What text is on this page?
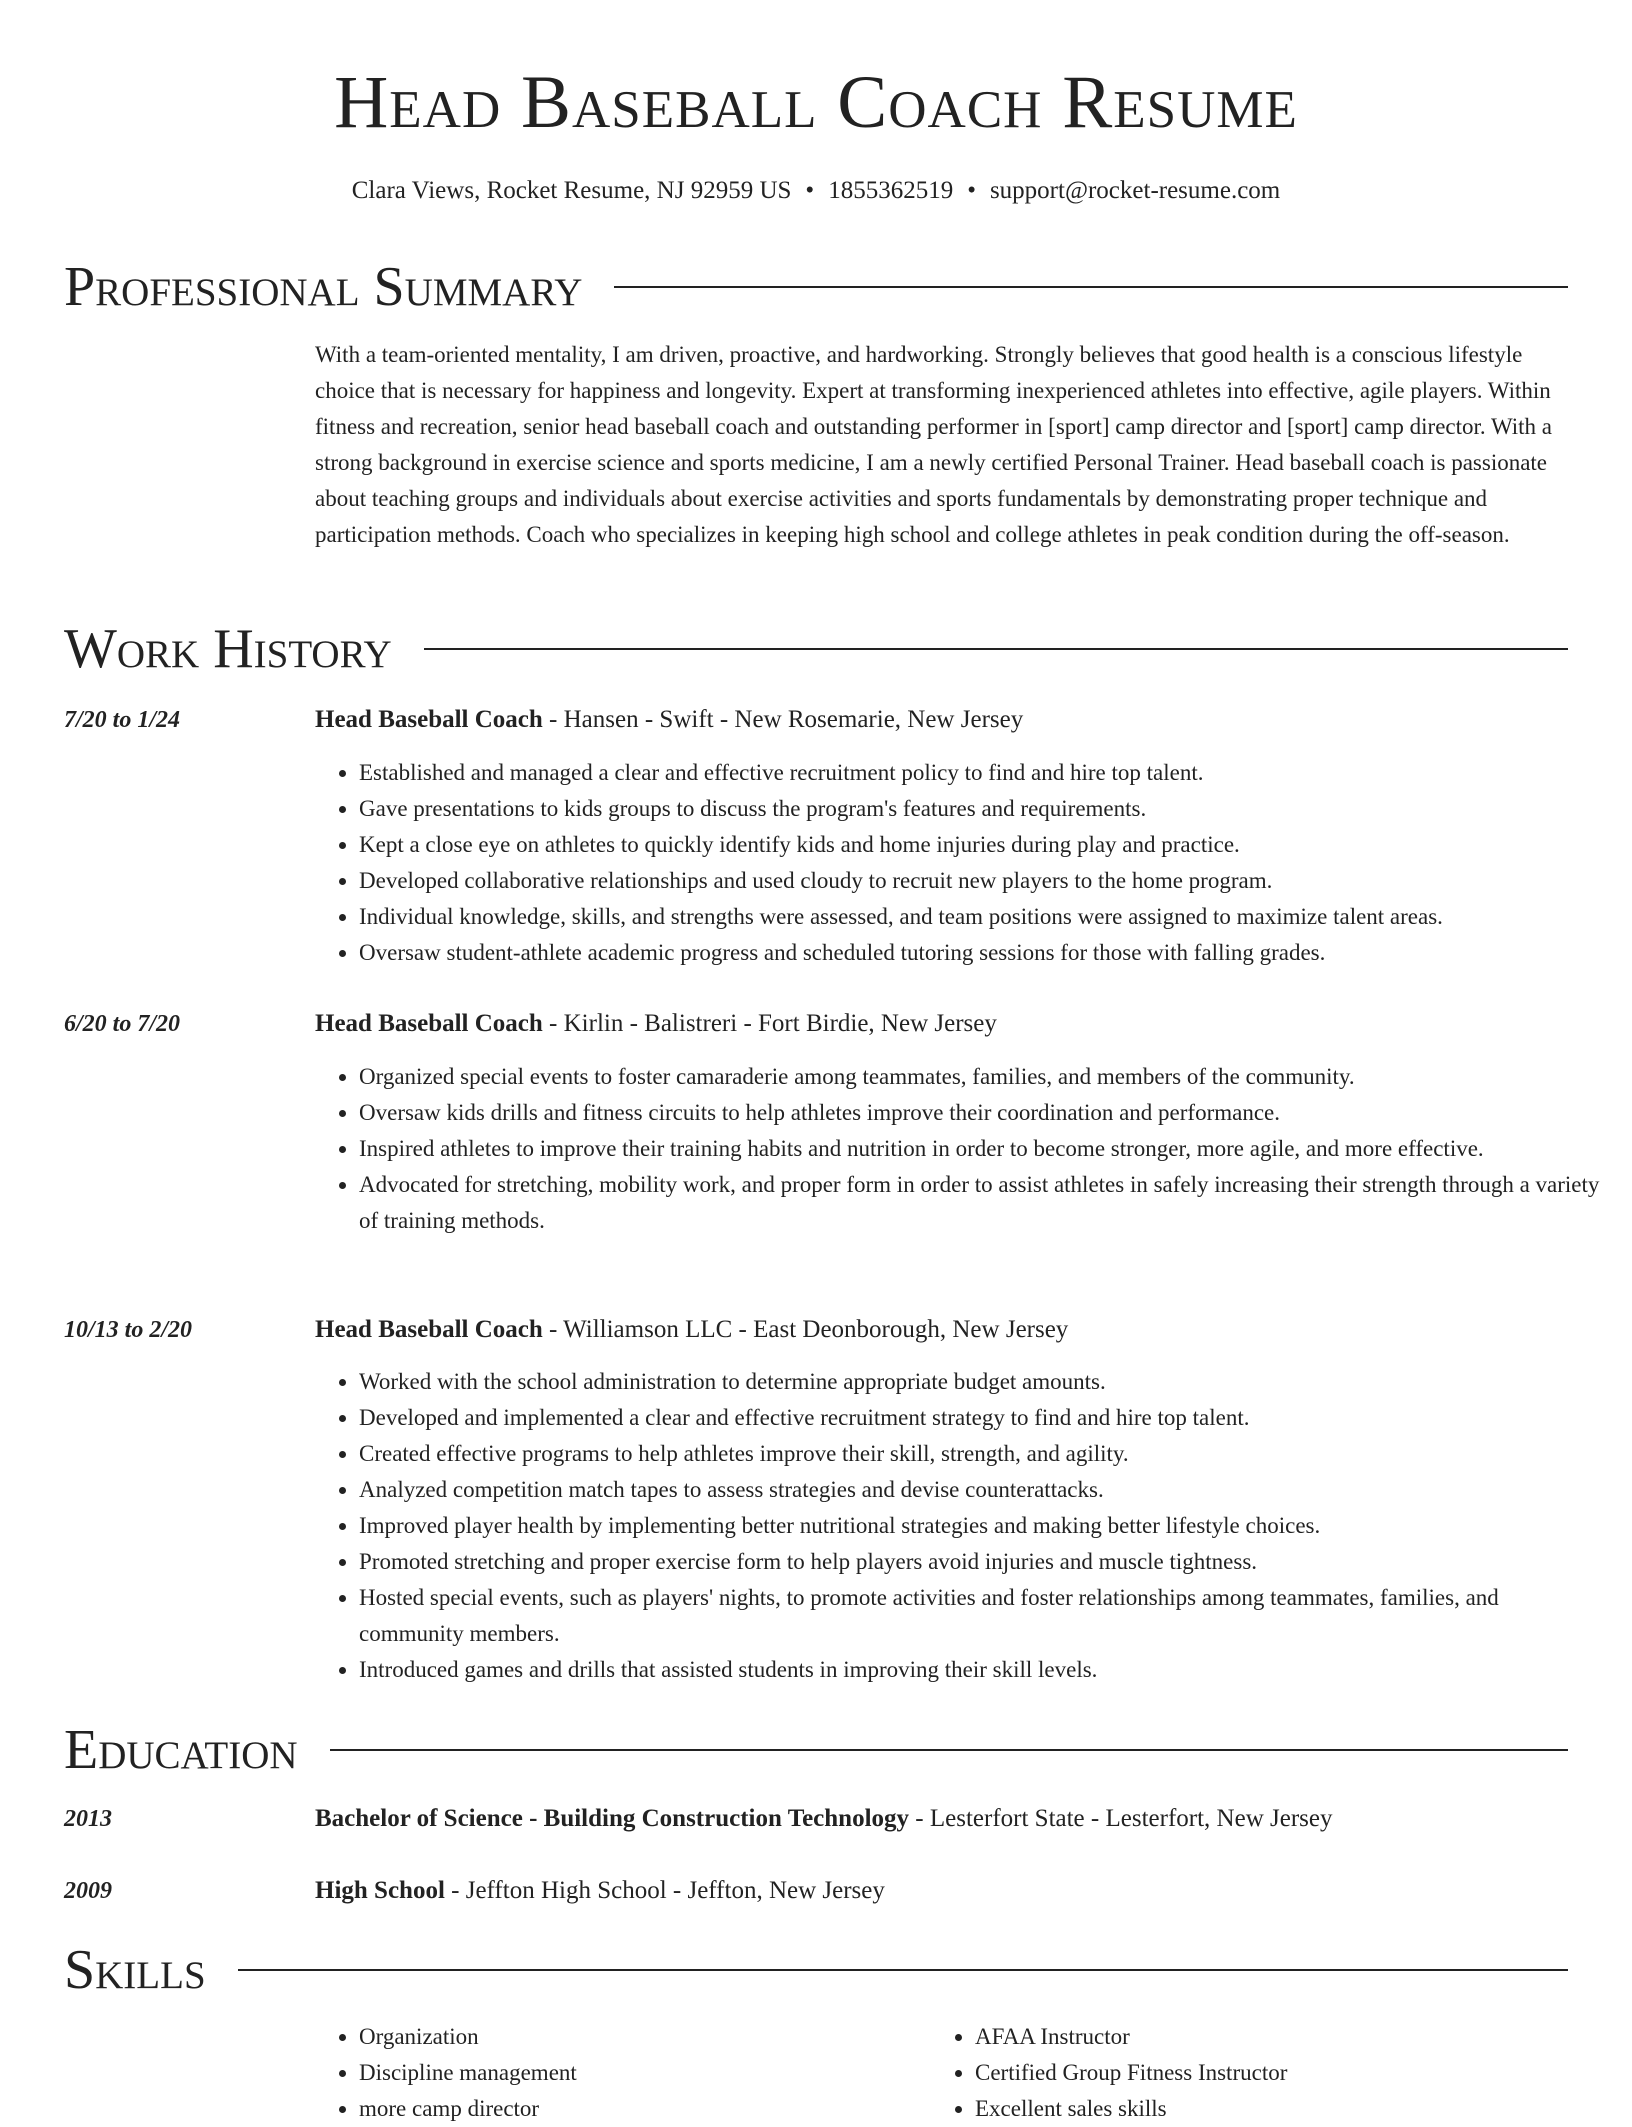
Head Baseball Coach Resume
Clara Views, Rocket Resume, NJ 92959 US • 1855362519 • support@rocket-resume.com
Professional Summary

With a team-oriented mentality, I am driven, proactive, and hardworking. Strongly believes that good health is a conscious lifestyle choice that is necessary for happiness and longevity. Expert at transforming inexperienced athletes into effective, agile players. Within fitness and recreation, senior head baseball coach and outstanding performer in [sport] camp director and [sport] camp director. With a strong background in exercise science and sports medicine, I am a newly certified Personal Trainer. Head baseball coach is passionate about teaching groups and individuals about exercise activities and sports fundamentals by demonstrating proper technique and participation methods. Coach who specializes in keeping high school and college athletes in peak condition during the off-season.

Work History
7/20 to 1/24	Head Baseball Coach - Hansen - Swift - New Rosemarie, New Jersey
• Established and managed a clear and effective recruitment policy to find and hire top talent.
• Gave presentations to kids groups to discuss the program's features and requirements.
• Kept a close eye on athletes to quickly identify kids and home injuries during play and practice.
• Developed collaborative relationships and used cloudy to recruit new players to the home program.
• Individual knowledge, skills, and strengths were assessed, and team positions were assigned to maximize talent areas.
• Oversaw student-athlete academic progress and scheduled tutoring sessions for those with falling grades.
6/20 to 7/20	Head Baseball Coach - Kirlin - Balistreri - Fort Birdie, New Jersey
• Organized special events to foster camaraderie among teammates, families, and members of the community.
• Oversaw kids drills and fitness circuits to help athletes improve their coordination and performance.
• Inspired athletes to improve their training habits and nutrition in order to become stronger, more agile, and more effective.
• Advocated for stretching, mobility work, and proper form in order to assist athletes in safely increasing their strength through a variety of training methods.
10/13 to 2/20	Head Baseball Coach - Williamson LLC - East Deonborough, New Jersey
• Worked with the school administration to determine appropriate budget amounts.
• Developed and implemented a clear and effective recruitment strategy to find and hire top talent.
• Created effective programs to help athletes improve their skill, strength, and agility.
• Analyzed competition match tapes to assess strategies and devise counterattacks.
• Improved player health by implementing better nutritional strategies and making better lifestyle choices.
• Promoted stretching and proper exercise form to help players avoid injuries and muscle tightness.
• Hosted special events, such as players' nights, to promote activities and foster relationships among teammates, families, and community members.
• Introduced games and drills that assisted students in improving their skill levels.
Education
2013	Bachelor of Science - Building Construction Technology - Lesterfort State - Lesterfort, New Jersey
2009	High School - Jeffton High School - Jeffton, New Jersey
Skills
• Organization
• Discipline management
• more camp director
• AFAA Instructor
• Certified Group Fitness Instructor
• Excellent sales skills
